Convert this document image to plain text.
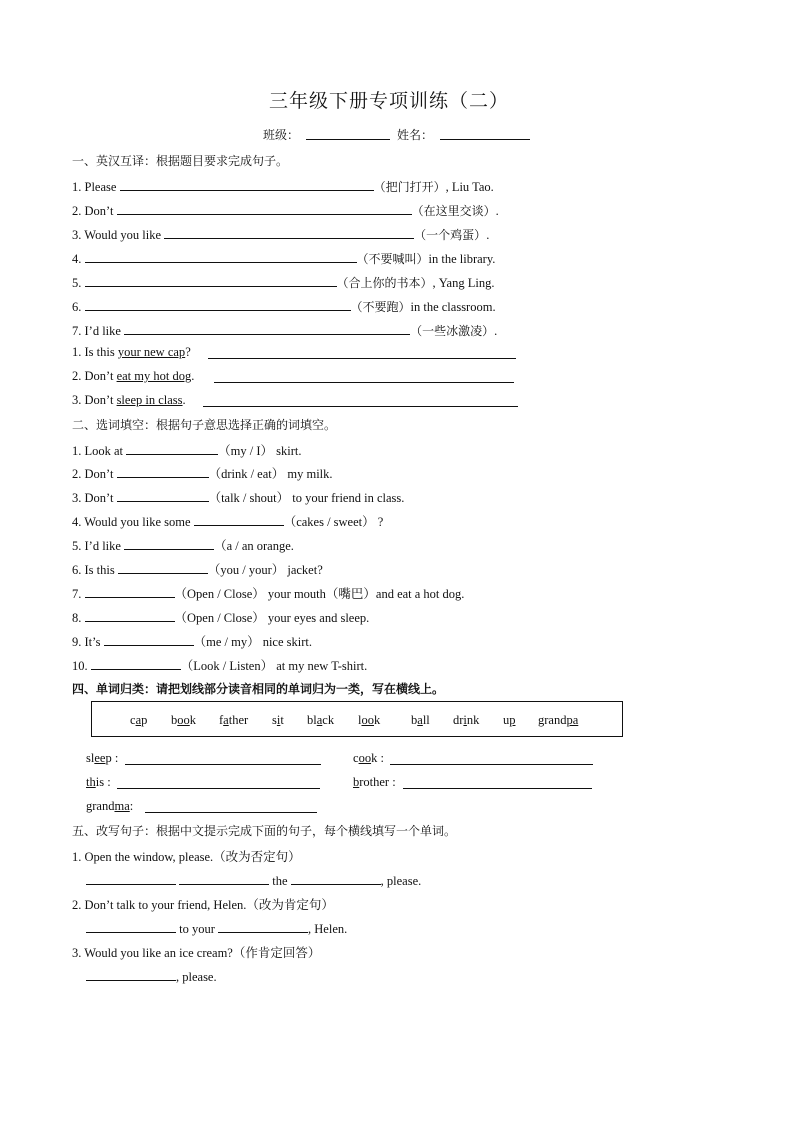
三年级下册专项训练（二）
班级：	姓名：
一、英汉互译：根据题目要求完成句子。
1. Please	（把门打开）, Liu Tao.
2. Don’t	（在这里交谈）.
3. Would you like	（一个鸡蛋）.
4.	（不要喊叫）in the library.
5.	（合上你的书本）, Yang Ling.
6.	（不要跑）in the classroom.
7. I’d like	（一些冰激凌）.
1. Is this your new cap?
2. Don’t eat my hot dog.
3. Don’t sleep in class.
二、选词填空：根据句子意思选择正确的词填空。
1. Look at	（my / I） skirt.
2. Don’t	（drink / eat） my milk.
3. Don’t	（talk / shout） to your friend in class.
4. Would you like some	（cakes / sweet） ?
5. I’d like	（a / an orange.
6. Is this	（you / your） jacket?
7.	（Open / Close） your mouth（嘴巴）and eat a hot dog.
8.	（Open / Close） your eyes and sleep.
9. It’s	（me / my） nice skirt.
10.	（Look / Listen） at my new T-shirt.
四、单词归类：请把划线部分读音相同的单词归为一类，写在横线上。
cap book father sit black look ball drink up grandpa
sleep :	cook :
this :	brother :
grandma:
五、改写句子：根据中文提示完成下面的句子，每个横线填写一个单词。
1. Open the window, please.（改为否定句）
the	, please.
2. Don’t talk to your friend, Helen.（改为肯定句）
to your	, Helen.
3. Would you like an ice cream?（作肯定回答）
, please.
